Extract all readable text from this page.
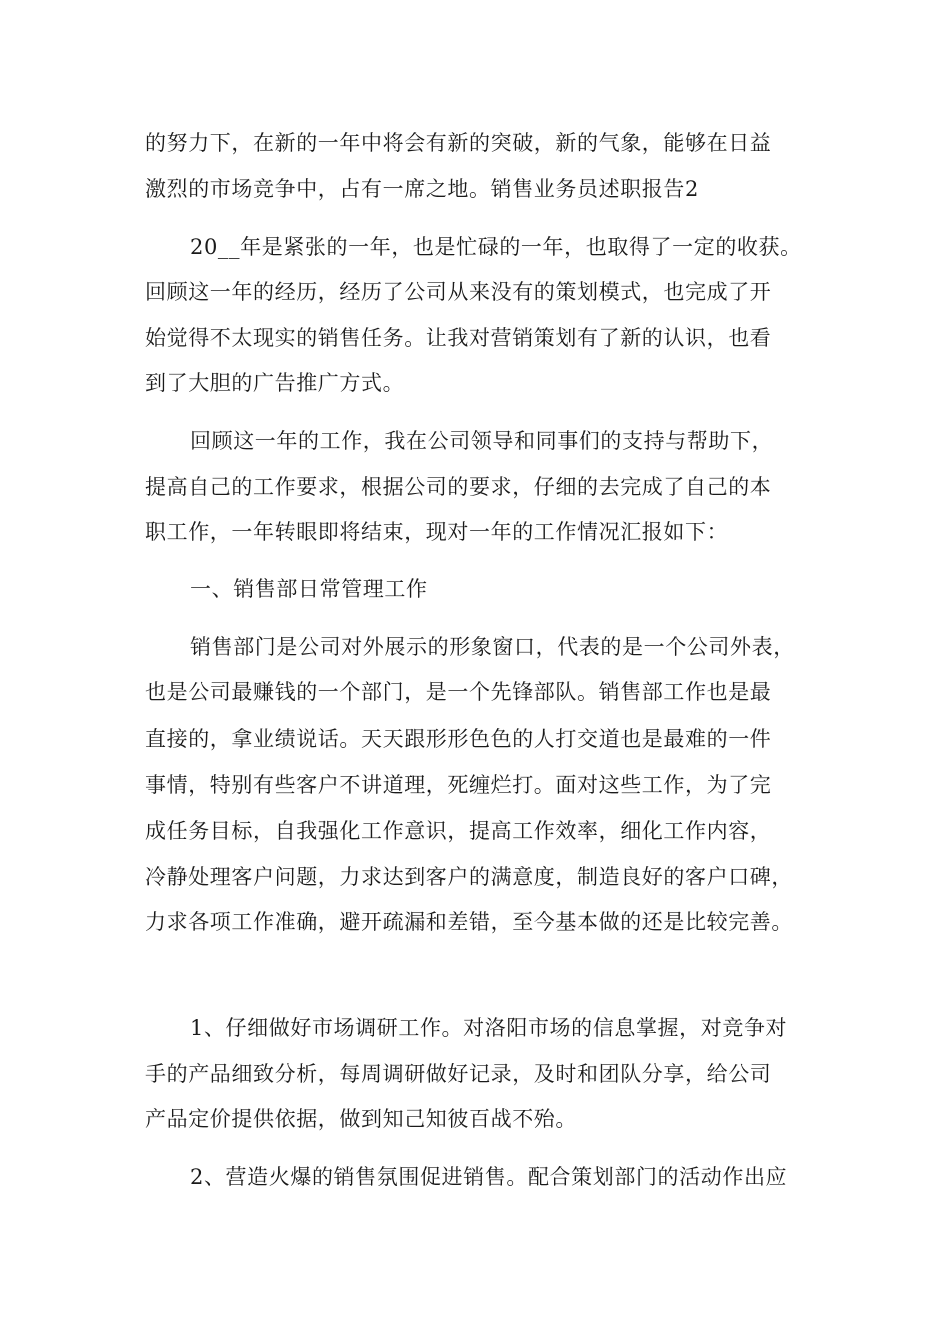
的努力下，在新的一年中将会有新的突破，新的气象，能够在日益
激烈的市场竞争中，占有一席之地。销售业务员述职报告2
20__年是紧张的一年，也是忙碌的一年，也取得了一定的收获。
回顾这一年的经历，经历了公司从来没有的策划模式，也完成了开
始觉得不太现实的销售任务。让我对营销策划有了新的认识，也看
到了大胆的广告推广方式。
回顾这一年的工作，我在公司领导和同事们的支持与帮助下，
提高自己的工作要求，根据公司的要求，仔细的去完成了自己的本
职工作，一年转眼即将结束，现对一年的工作情况汇报如下：
一、销售部日常管理工作
销售部门是公司对外展示的形象窗口，代表的是一个公司外表，
也是公司最赚钱的一个部门，是一个先锋部队。销售部工作也是最
直接的，拿业绩说话。天天跟形形色色的人打交道也是最难的一件
事情，特别有些客户不讲道理，死缠烂打。面对这些工作，为了完
成任务目标，自我强化工作意识，提高工作效率，细化工作内容，
冷静处理客户问题，力求达到客户的满意度，制造良好的客户口碑，
力求各项工作准确，避开疏漏和差错，至今基本做的还是比较完善。
1、仔细做好市场调研工作。对洛阳市场的信息掌握，对竞争对
手的产品细致分析，每周调研做好记录，及时和团队分享，给公司
产品定价提供依据，做到知己知彼百战不殆。
2、营造火爆的销售氛围促进销售。配合策划部门的活动作出应
